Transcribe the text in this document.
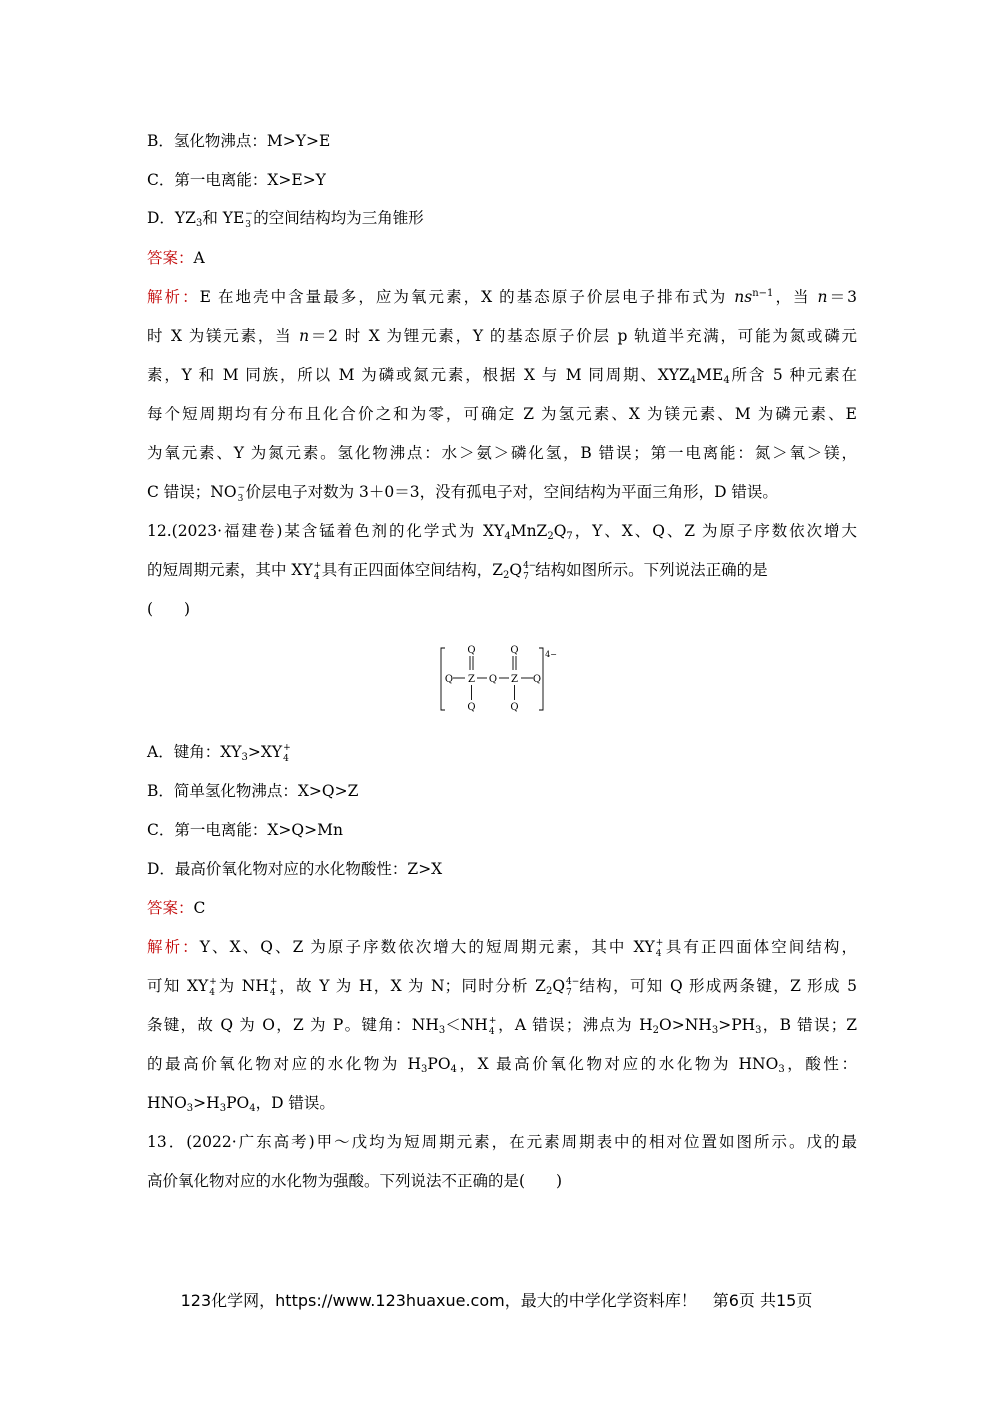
B．氢化物沸点：M>Y>E
C．第一电离能：X>E>Y
D．$YZ_3$和 YE −
3 的空间结构均为三角锥形
答案：A
解析：E 在地壳中含量最多，应为氧元素，X 的基态原子价层电子排布式为 $ns^{n-1}$，当 n＝3
时 X 为镁元素，当 n＝2 时 X 为锂元素，Y 的基态原子价层 p 轨道半充满，可能为氮或磷元
素，Y 和 M 同族，所以 M 为磷或氮元素，根据 X 与 M 同周期、$XYZ_4ME_4$所含 5 种元素在
每个短周期均有分布且化合价之和为零，可确定 Z 为氢元素、X 为镁元素、M 为磷元素、E
为氧元素、Y 为氮元素。氢化物沸点：水＞氨＞磷化氢，B 错误；第一电离能：氮＞氧＞镁，
C 错误；NO −
3 价层电子对数为 3＋0＝3，没有孤电子对，空间结构为平面三角形，D 错误。
12.(2023·福建卷)某含锰着色剂的化学式为 $XY_4MnZ_2Q_7$，Y、X、Q、Z 为原子序数依次增大
的短周期元素，其中 XY +
4 具有正四面体空间结构，$Z_2Q$ 4−
7 结构如图所示。下列说法正确的是
(　　)
Q	Q
Q Z Q Z Q
Q	Q
4−
A．键角：$XY_3>XY$ +
4
B．简单氢化物沸点：X>Q>Z
C．第一电离能：X>Q>Mn
D．最高价氧化物对应的水化物酸性：Z>X
答案：C
解析：Y、X、Q、Z 为原子序数依次增大的短周期元素，其中 XY +
4 具有正四面体空间结构，
可知 XY +
4 为 NH +
4 ，故 Y 为 H，X 为 N；同时分析 $Z_2Q$ 4−
7 结构，可知 Q 形成两条键，Z 形成 5
条键，故 Q 为 O，Z 为 P。键角：$NH_3<NH$ +
4 ，A 错误；沸点为 $H_2O>NH_3>PH_3$，B 错误；Z
的最高价氧化物对应的水化物为 $H_3PO_4$，X 最高价氧化物对应的水化物为 $HNO_3$，酸性：
$HNO_3>H_3PO_4$，D 错误。
13．(2022·广东高考)甲～戊均为短周期元素，在元素周期表中的相对位置如图所示。戊的最
高价氧化物对应的水化物为强酸。下列说法不正确的是(　　)
123化学网，https://www.123huaxue.com，最大的中学化学资料库！　第6页 共15页
